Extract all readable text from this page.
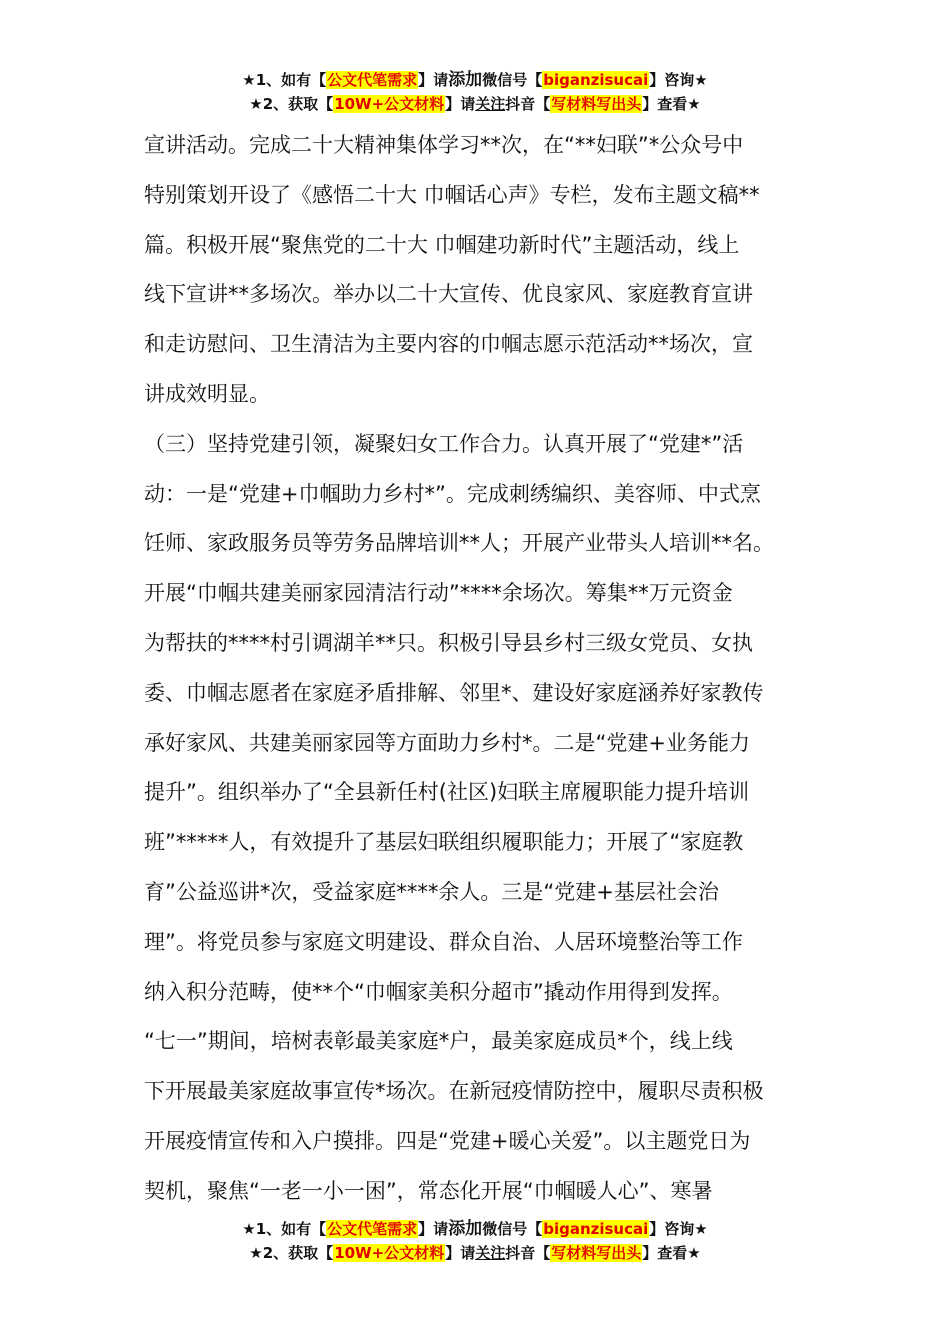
★1、如有【公文代笔需求】请添加微信号【biganzisucai】咨询★
★2、获取【10W+公文材料】请关注抖音【写材料写出头】查看★
宣讲活动。完成二十大精神集体学习**次，在“**妇联”*公众号中
特别策划开设了《感悟二十大 巾帼话心声》专栏，发布主题文稿**
篇。积极开展“聚焦党的二十大 巾帼建功新时代”主题活动，线上
线下宣讲**多场次。举办以二十大宣传、优良家风、家庭教育宣讲
和走访慰问、卫生清洁为主要内容的巾帼志愿示范活动**场次，宣
讲成效明显。
（三）坚持党建引领，凝聚妇女工作合力。认真开展了“党建*”活
动：一是“党建+巾帼助力乡村*”。完成刺绣编织、美容师、中式烹
饪师、家政服务员等劳务品牌培训**人；开展产业带头人培训**名。
开展“巾帼共建美丽家园清洁行动”****余场次。筹集**万元资金
为帮扶的****村引调湖羊**只。积极引导县乡村三级女党员、女执
委、巾帼志愿者在家庭矛盾排解、邻里*、建设好家庭涵养好家教传
承好家风、共建美丽家园等方面助力乡村*。二是“党建+业务能力
提升”。组织举办了“全县新任村(社区)妇联主席履职能力提升培训
班”*****人，有效提升了基层妇联组织履职能力；开展了“家庭教
育”公益巡讲*次，受益家庭****余人。三是“党建+基层社会治
理”。将党员参与家庭文明建设、群众自治、人居环境整治等工作
纳入积分范畴，使**个“巾帼家美积分超市”撬动作用得到发挥。
“七一”期间，培树表彰最美家庭*户，最美家庭成员*个，线上线
下开展最美家庭故事宣传*场次。在新冠疫情防控中，履职尽责积极
开展疫情宣传和入户摸排。四是“党建+暖心关爱”。以主题党日为
契机，聚焦“一老一小一困”，常态化开展“巾帼暖人心”、寒暑
★1、如有【公文代笔需求】请添加微信号【biganzisucai】咨询★
★2、获取【10W+公文材料】请关注抖音【写材料写出头】查看★
